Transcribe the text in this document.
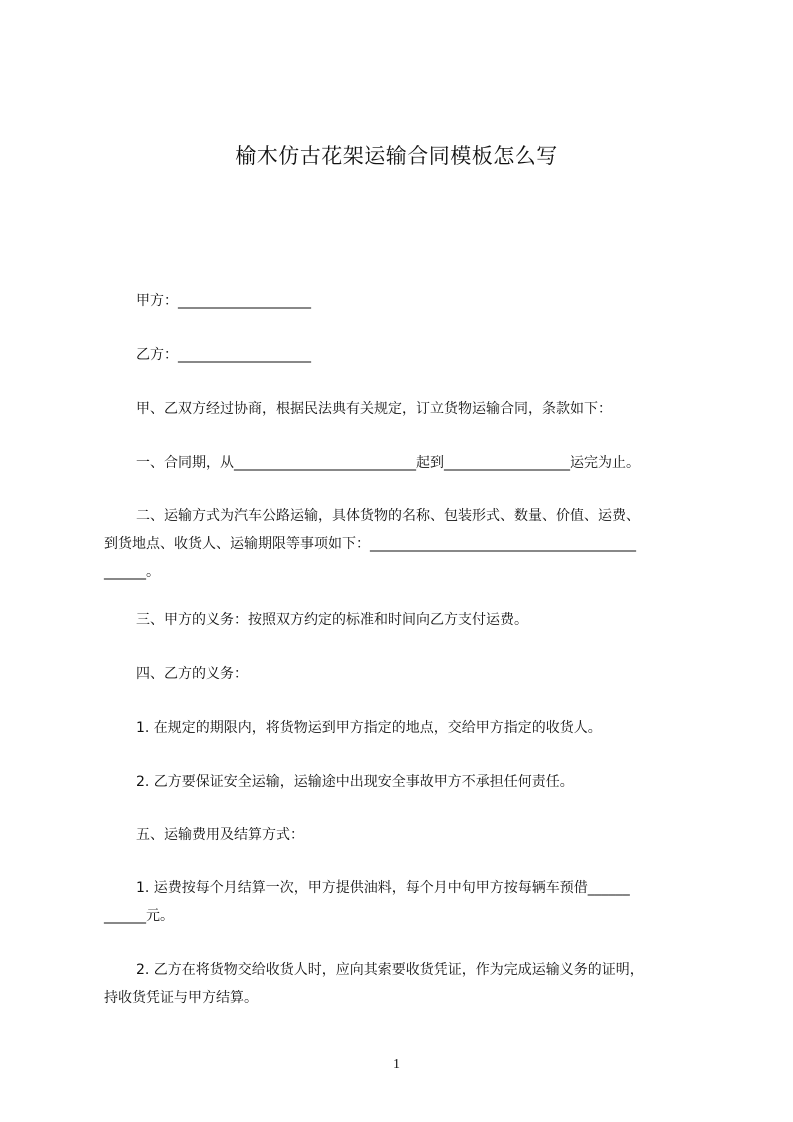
榆木仿古花架运输合同模板怎么写
甲方：___________________
乙方：___________________
甲、乙双方经过协商，根据民法典有关规定，订立货物运输合同，条款如下：
一、合同期，从__________________________起到__________________运完为止。
二、运输方式为汽车公路运输，具体货物的名称、包装形式、数量、价值、运费、
到货地点、收货人、运输期限等事项如下：______________________________________
______。
三、甲方的义务：按照双方约定的标准和时间向乙方支付运费。
四、乙方的义务：
1. 在规定的期限内，将货物运到甲方指定的地点，交给甲方指定的收货人。
2. 乙方要保证安全运输，运输途中出现安全事故甲方不承担任何责任。
五、运输费用及结算方式：
1. 运费按每个月结算一次，甲方提供油料，每个月中旬甲方按每辆车预借______
______元。
2. 乙方在将货物交给收货人时，应向其索要收货凭证，作为完成运输义务的证明，
持收货凭证与甲方结算。
1
